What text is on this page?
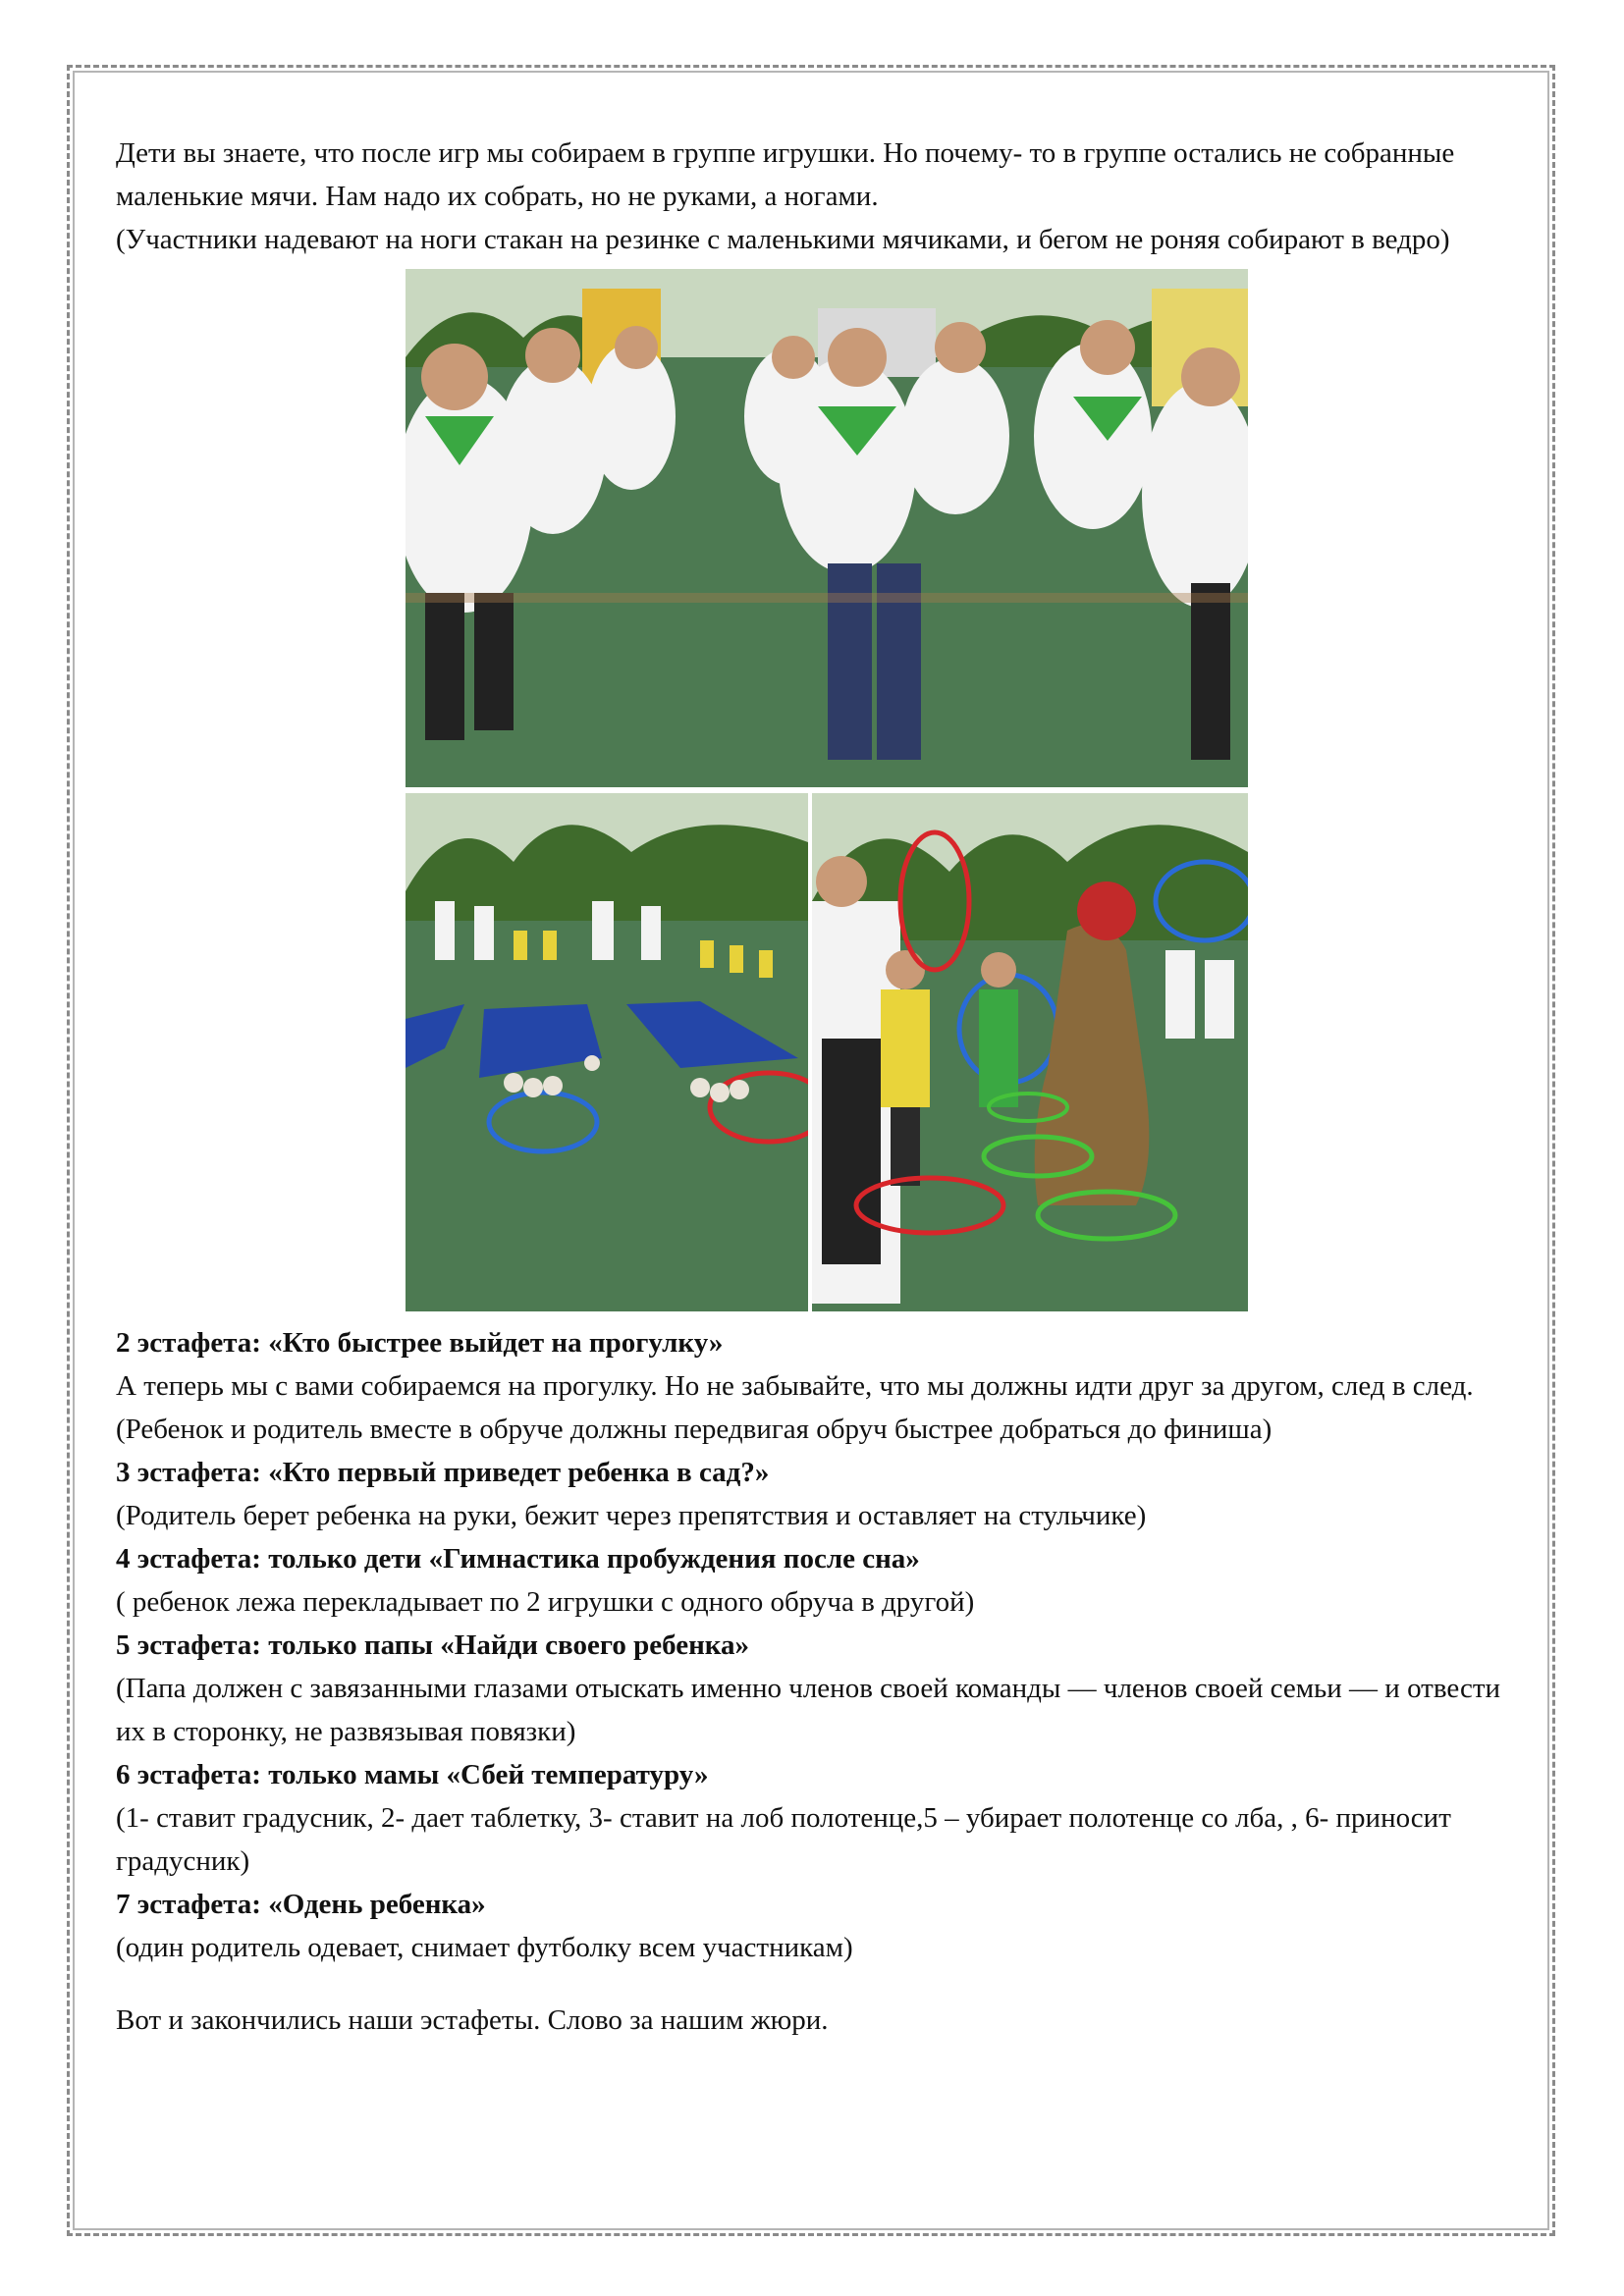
Дети вы знаете, что после игр мы собираем в группе игрушки. Но почему- то в группе остались не собранные маленькие мячи. Нам надо их собрать, но не руками, а ногами.

(Участники надевают на ноги стакан на резинке с маленькими мячиками, и бегом не роняя собирают в ведро)

2 эстафета: «Кто быстрее выйдет на прогулку»

А теперь мы с вами собираемся на прогулку. Но не забывайте, что мы должны идти друг за другом, след в след.

(Ребенок и родитель вместе в обруче должны передвигая обруч быстрее добраться до финиша)

3 эстафета: «Кто первый приведет ребенка в сад?»

(Родитель берет ребенка на руки, бежит через препятствия и оставляет на стульчике)

4 эстафета: только дети «Гимнастика пробуждения после сна»

( ребенок лежа перекладывает по 2 игрушки с одного обруча в другой)

5 эстафета: только папы «Найди своего ребенка»

(Папа должен с завязанными глазами отыскать именно членов своей команды — членов своей семьи — и отвести их в сторонку, не развязывая повязки)

6 эстафета: только мамы «Сбей температуру»

(1- ставит градусник, 2- дает таблетку, 3- ставит на лоб полотенце,5 – убирает полотенце со лба, , 6- приносит градусник)

7 эстафета: «Одень ребенка»

(один родитель одевает, снимает футболку всем участникам)

Вот и закончились наши эстафеты. Слово за нашим жюри.
